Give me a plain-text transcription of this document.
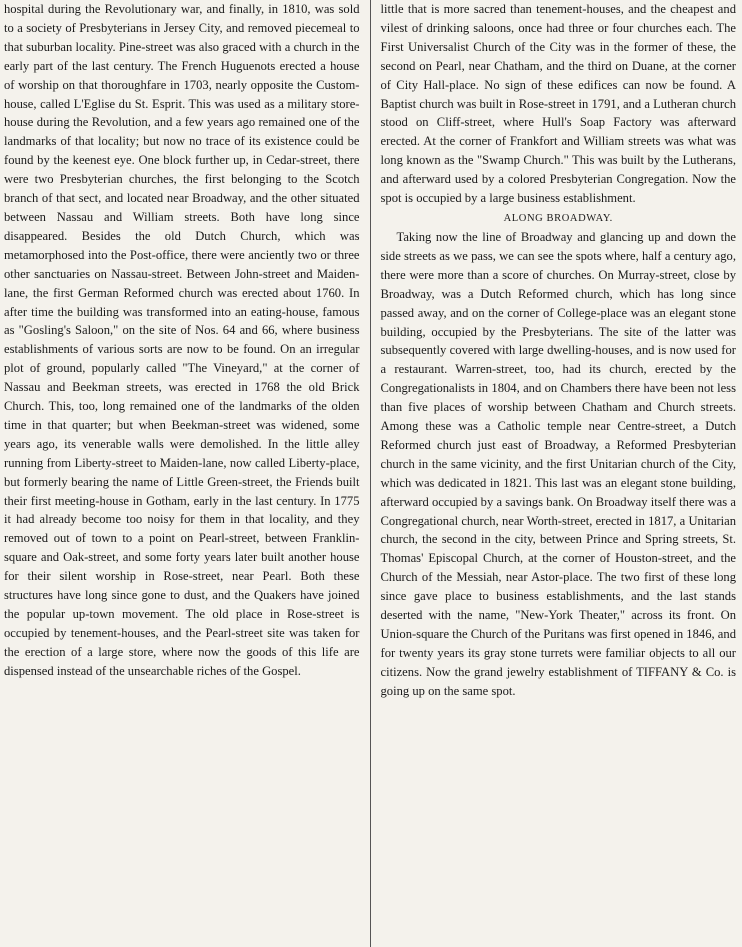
hospital during the Revolutionary war, and finally, in 1810, was sold to a society of Presbyterians in Jersey City, and removed piecemeal to that suburban locality. Pine-street was also graced with a church in the early part of the last century. The French Huguenots erected a house of worship on that thoroughfare in 1703, nearly opposite the Custom-house, called L'Eglise du St. Esprit. This was used as a military store-house during the Revolution, and a few years ago remained one of the landmarks of that locality; but now no trace of its existence could be found by the keenest eye. One block further up, in Cedar-street, there were two Presbyterian churches, the first belonging to the Scotch branch of that sect, and located near Broadway, and the other situated between Nassau and William streets. Both have long since disappeared. Besides the old Dutch Church, which was metamorphosed into the Post-office, there were anciently two or three other sanctuaries on Nassau-street. Between John-street and Maiden-lane, the first German Reformed church was erected about 1760. In after time the building was transformed into an eating-house, famous as "Gosling's Saloon," on the site of Nos. 64 and 66, where business establishments of various sorts are now to be found. On an irregular plot of ground, popularly called "The Vineyard," at the corner of Nassau and Beekman streets, was erected in 1768 the old Brick Church. This, too, long remained one of the landmarks of the olden time in that quarter; but when Beekman-street was widened, some years ago, its venerable walls were demolished. In the little alley running from Liberty-street to Maiden-lane, now called Liberty-place, but formerly bearing the name of Little Green-street, the Friends built their first meeting-house in Gotham, early in the last century. In 1775 it had already become too noisy for them in that locality, and they removed out of town to a point on Pearl-street, between Franklin-square and Oak-street, and some forty years later built another house for their silent worship in Rose-street, near Pearl. Both these structures have long since gone to dust, and the Quakers have joined the popular up-town movement. The old place in Rose-street is occupied by tenement-houses, and the Pearl-street site was taken for the erection of a large store, where now the goods of this life are dispensed instead of the unsearchable riches of the Gospel.

little that is more sacred than tenement-houses, and the cheapest and vilest of drinking saloons, once had three or four churches each. The First Universalist Church of the City was in the former of these, the second on Pearl, near Chatham, and the third on Duane, at the corner of City Hall-place. No sign of these edifices can now be found. A Baptist church was built in Rose-street in 1791, and a Lutheran church stood on Cliff-street, where Hull's Soap Factory was afterward erected. At the corner of Frankfort and William streets was what was long known as the "Swamp Church." This was built by the Lutherans, and afterward used by a colored Presbyterian Congregation. Now the spot is occupied by a large business establishment.

ALONG BROADWAY.

Taking now the line of Broadway and glancing up and down the side streets as we pass, we can see the spots where, half a century ago, there were more than a score of churches. On Murray-street, close by Broadway, was a Dutch Reformed church, which has long since passed away, and on the corner of College-place was an elegant stone building, occupied by the Presbyterians. The site of the latter was subsequently covered with large dwelling-houses, and is now used for a restaurant. Warren-street, too, had its church, erected by the Congregationalists in 1804, and on Chambers there have been not less than five places of worship between Chatham and Church streets. Among these was a Catholic temple near Centre-street, a Dutch Reformed church just east of Broadway, a Reformed Presbyterian church in the same vicinity, and the first Unitarian church of the City, which was dedicated in 1821. This last was an elegant stone building, afterward occupied by a savings bank. On Broadway itself there was a Congregational church, near Worth-street, erected in 1817, a Unitarian church, the second in the city, between Prince and Spring streets, St. Thomas' Episcopal Church, at the corner of Houston-street, and the Church of the Messiah, near Astor-place. The two first of these long since gave place to business establishments, and the last stands deserted with the name, "New-York Theater," across its front. On Union-square the Church of the Puritans was first opened in 1846, and for twenty years its gray stone turrets were familiar objects to all our citizens. Now the grand jewelry establishment of TIFFANY & Co. is going up on the same spot.
